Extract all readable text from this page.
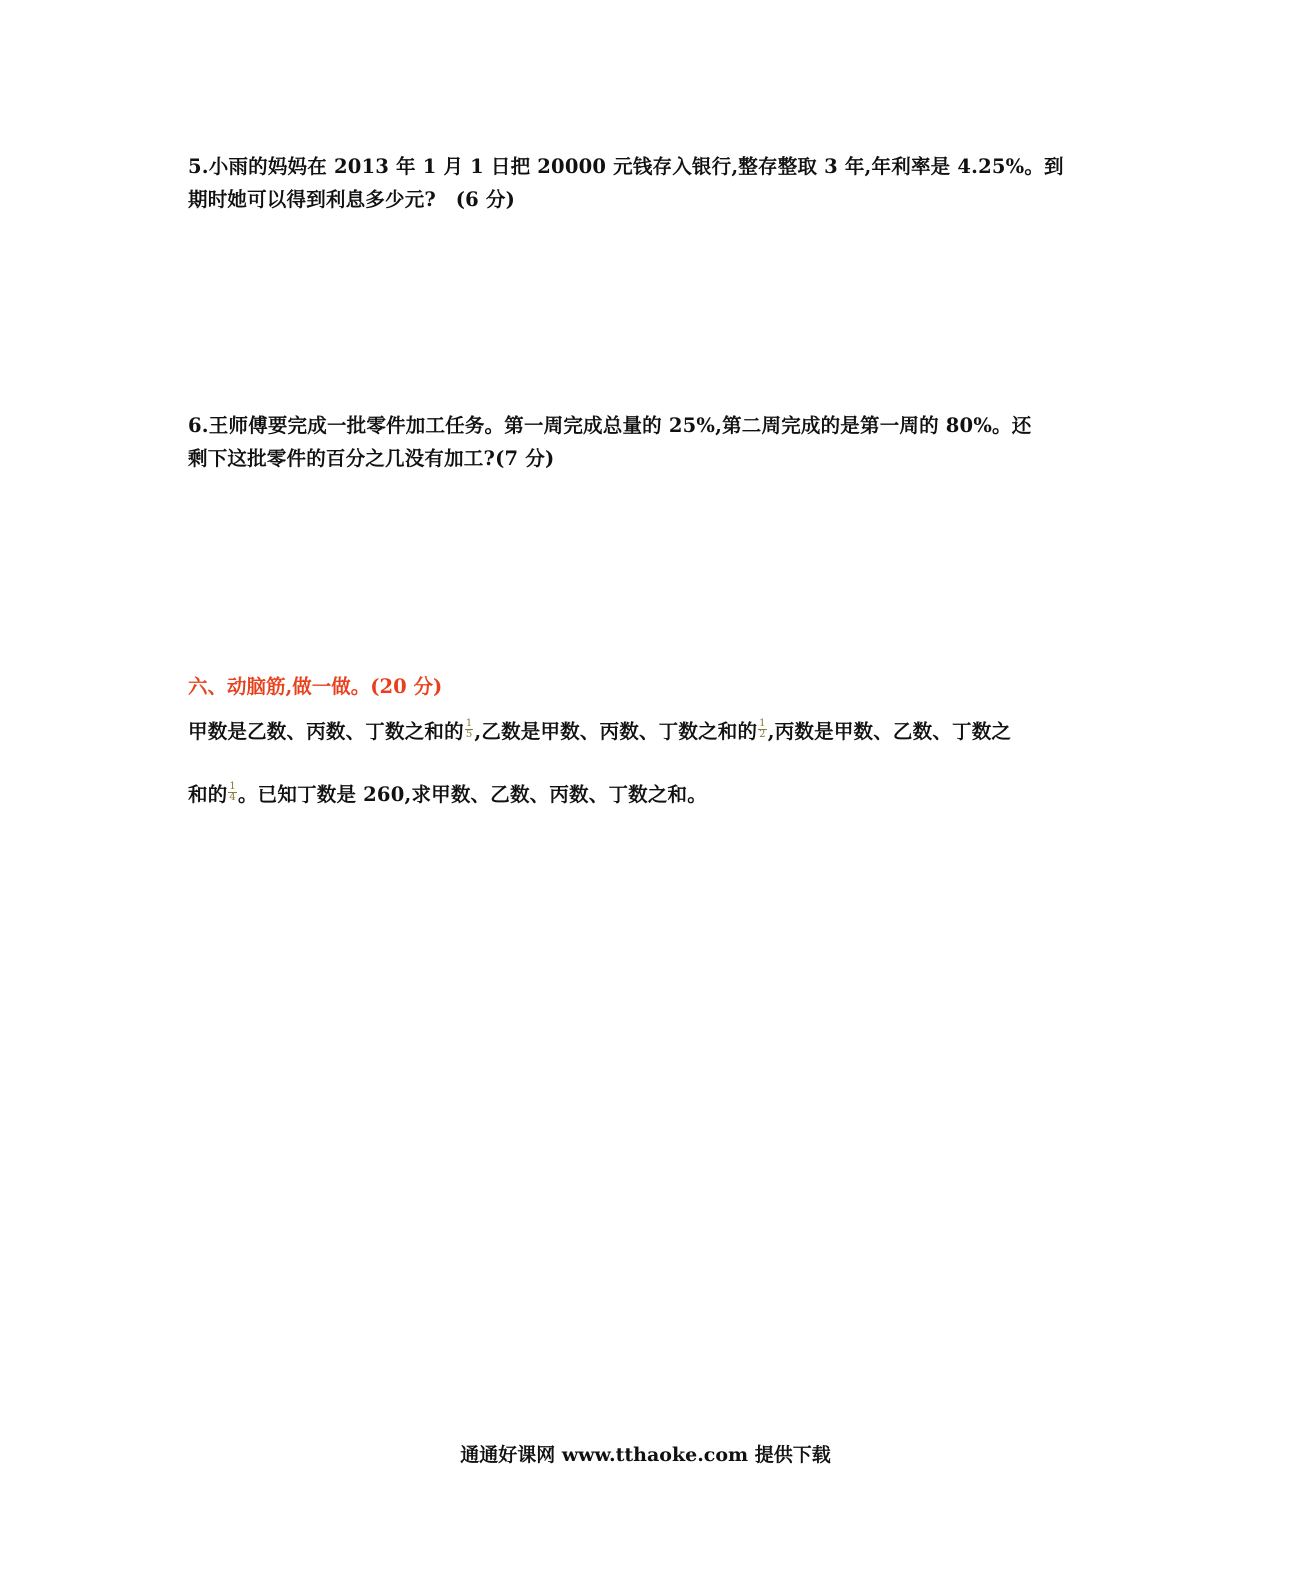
5.小雨的妈妈在 2013 年 1 月 1 日把 20000 元钱存入银行,整存整取 3 年,年利率是 4.25%。到
期时她可以得到利息多少元?　(6 分)
6.王师傅要完成一批零件加工任务。第一周完成总量的 25%,第二周完成的是第一周的 80%。还
剩下这批零件的百分之几没有加工?(7 分)
六、动脑筋,做一做。(20 分)
甲数是乙数、丙数、丁数之和的 $\frac{1}{5}$ ,乙数是甲数、丙数、丁数之和的 $\frac{1}{2}$ ,丙数是甲数、乙数、丁数之
和的 $\frac{1}{4}$ 。已知丁数是 260,求甲数、乙数、丙数、丁数之和。
通通好课网 www.tthaoke.com 提供下载
